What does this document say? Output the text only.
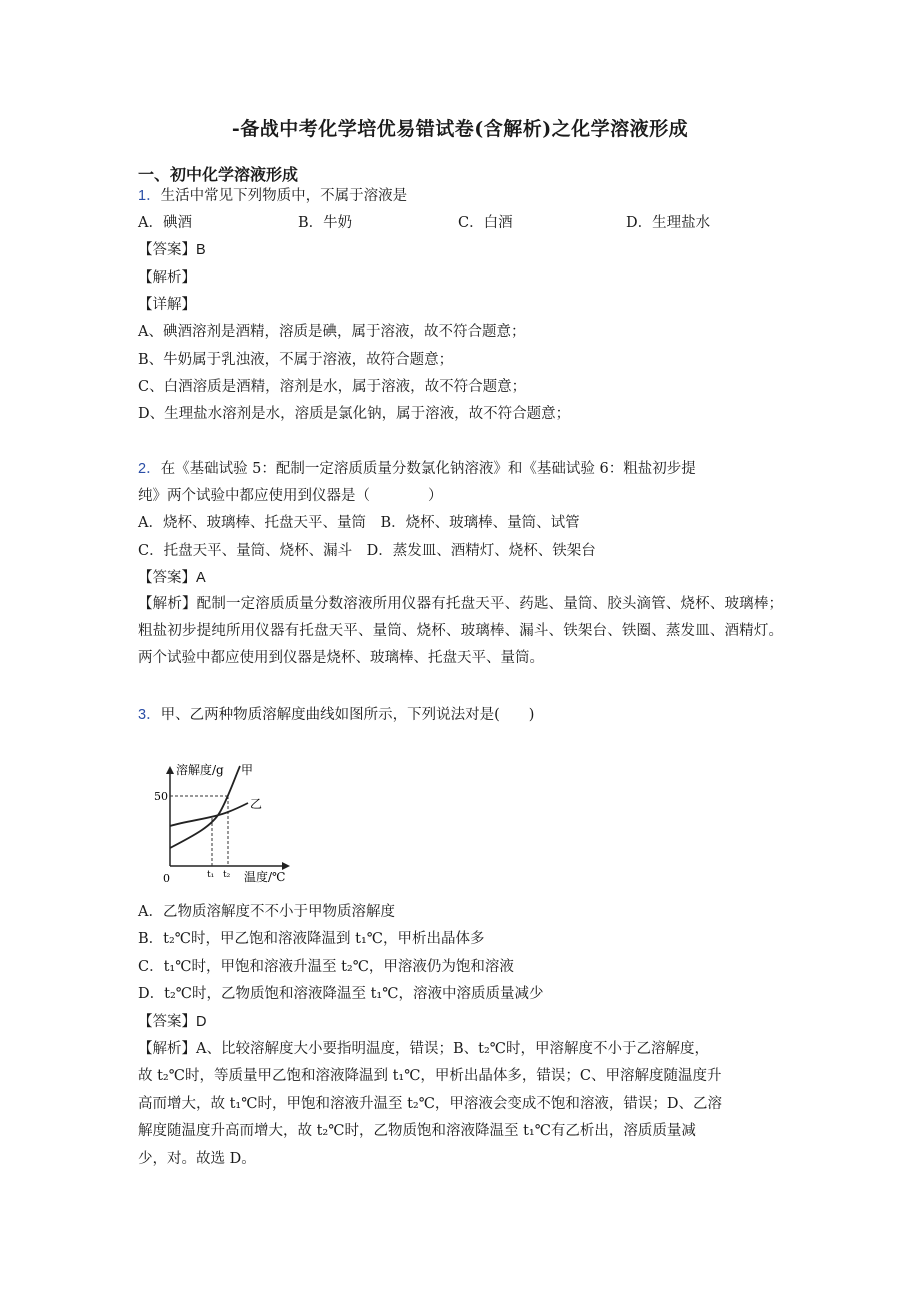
-备战中考化学培优易错试卷(含解析)之化学溶液形成
一、初中化学溶液形成
1．生活中常见下列物质中，不属于溶液是
A．碘酒	B．牛奶	C．白酒	D．生理盐水
【答案】B
【解析】
【详解】
A、碘酒溶剂是酒精，溶质是碘，属于溶液，故不符合题意；
B、牛奶属于乳浊液，不属于溶液，故符合题意；
C、白酒溶质是酒精，溶剂是水，属于溶液，故不符合题意；
D、生理盐水溶剂是水，溶质是氯化钠，属于溶液，故不符合题意；
2．在《基础试验 5：配制一定溶质质量分数氯化钠溶液》和《基础试验 6：粗盐初步提
纯》两个试验中都应使用到仪器是（　　　　）
A．烧杯、玻璃棒、托盘天平、量筒　B．烧杯、玻璃棒、量筒、试管
C．托盘天平、量筒、烧杯、漏斗　D．蒸发皿、酒精灯、烧杯、铁架台
【答案】A
【解析】配制一定溶质质量分数溶液所用仪器有托盘天平、药匙、量筒、胶头滴管、烧杯、玻璃棒；粗盐初步提纯所用仪器有托盘天平、量筒、烧杯、玻璃棒、漏斗、铁架台、铁圈、蒸发皿、酒精灯。两个试验中都应使用到仪器是烧杯、玻璃棒、托盘天平、量筒。
3．甲、乙两种物质溶解度曲线如图所示，下列说法对是(　　)
溶解度/g 甲
乙
50
0	t₁ t₂ 温度/℃
A．乙物质溶解度不不小于甲物质溶解度
B．t₂℃时，甲乙饱和溶液降温到 t₁℃，甲析出晶体多
C．t₁℃时，甲饱和溶液升温至 t₂℃，甲溶液仍为饱和溶液
D．t₂℃时，乙物质饱和溶液降温至 t₁℃，溶液中溶质质量减少
【答案】D
【解析】A、比较溶解度大小要指明温度，错误；B、t₂℃时，甲溶解度不小于乙溶解度，
故 t₂℃时，等质量甲乙饱和溶液降温到 t₁℃，甲析出晶体多，错误；C、甲溶解度随温度升
高而增大，故 t₁℃时，甲饱和溶液升温至 t₂℃，甲溶液会变成不饱和溶液，错误；D、乙溶
解度随温度升高而增大，故 t₂℃时，乙物质饱和溶液降温至 t₁℃有乙析出，溶质质量减
少，对。故选 D。
